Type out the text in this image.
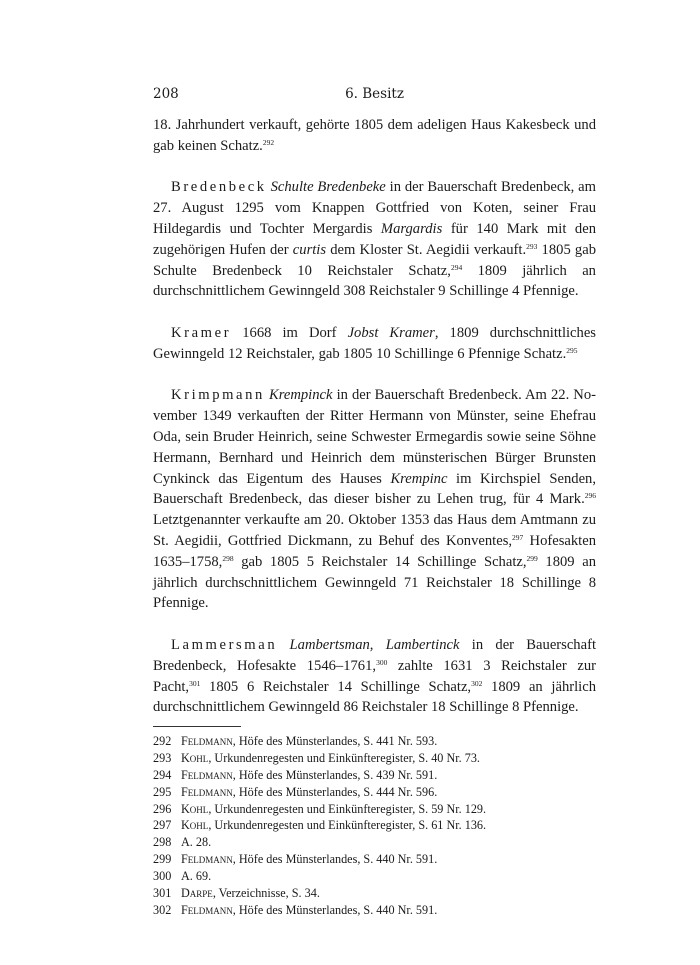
208	6. Besitz

18. Jahrhundert verkauft, gehörte 1805 dem adeligen Haus Kakesbeck und gab keinen Schatz.$^{292}$

Bredenbeck Schulte Bredenbeke in der Bauerschaft Bredenbeck, am 27. August 1295 vom Knappen Gottfried von Koten, seiner Frau Hildegardis und Tochter Mergardis Margardis für 140 Mark mit den zugehörigen Hufen der curtis dem Kloster St. Aegidii verkauft.$^{293}$ 1805 gab Schulte Bredenbeck 10 Reichstaler Schatz,$^{294}$ 1809 jährlich an durchschnittlichem Gewinngeld 308 Reichstaler 9 Schillinge 4 Pfennige.

Kramer 1668 im Dorf Jobst Kramer, 1809 durchschnittliches Gewinngeld 12 Reichstaler, gab 1805 10 Schillinge 6 Pfennige Schatz.$^{295}$

Krimpmann Krempinck in der Bauerschaft Bredenbeck. Am 22. November 1349 verkauften der Ritter Hermann von Münster, seine Ehefrau Oda, sein Bruder Heinrich, seine Schwester Ermegardis sowie seine Söhne Hermann, Bernhard und Heinrich dem münsterischen Bürger Brunsten Cynkinck das Eigentum des Hauses Krempinc im Kirchspiel Senden, Bauerschaft Bredenbeck, das dieser bisher zu Lehen trug, für 4 Mark.$^{296}$ Letztgenannter verkaufte am 20. Oktober 1353 das Haus dem Amtmann zu St. Aegidii, Gottfried Dickmann, zu Behuf des Konventes,$^{297}$ Hofesakten 1635–1758,$^{298}$ gab 1805 5 Reichstaler 14 Schillinge Schatz,$^{299}$ 1809 an jährlich durchschnittlichem Gewinngeld 71 Reichstaler 18 Schillinge 8 Pfennige.

Lammersman Lambertsman, Lambertinck in der Bauerschaft Bredenbeck, Hofesakte 1546–1761,$^{300}$ zahlte 1631 3 Reichstaler zur Pacht,$^{301}$ 1805 6 Reichstaler 14 Schillinge Schatz,$^{302}$ 1809 an jährlich durchschnittlichem Gewinngeld 86 Reichstaler 18 Schillinge 8 Pfennige.

292 Feldmann, Höfe des Münsterlandes, S. 441 Nr. 593.
293 Kohl, Urkundenregesten und Einkünfteregister, S. 40 Nr. 73.
294 Feldmann, Höfe des Münsterlandes, S. 439 Nr. 591.
295 Feldmann, Höfe des Münsterlandes, S. 444 Nr. 596.
296 Kohl, Urkundenregesten und Einkünfteregister, S. 59 Nr. 129.
297 Kohl, Urkundenregesten und Einkünfteregister, S. 61 Nr. 136.
298 A. 28.
299 Feldmann, Höfe des Münsterlandes, S. 440 Nr. 591.
300 A. 69.
301 Darpe, Verzeichnisse, S. 34.
302 Feldmann, Höfe des Münsterlandes, S. 440 Nr. 591.
